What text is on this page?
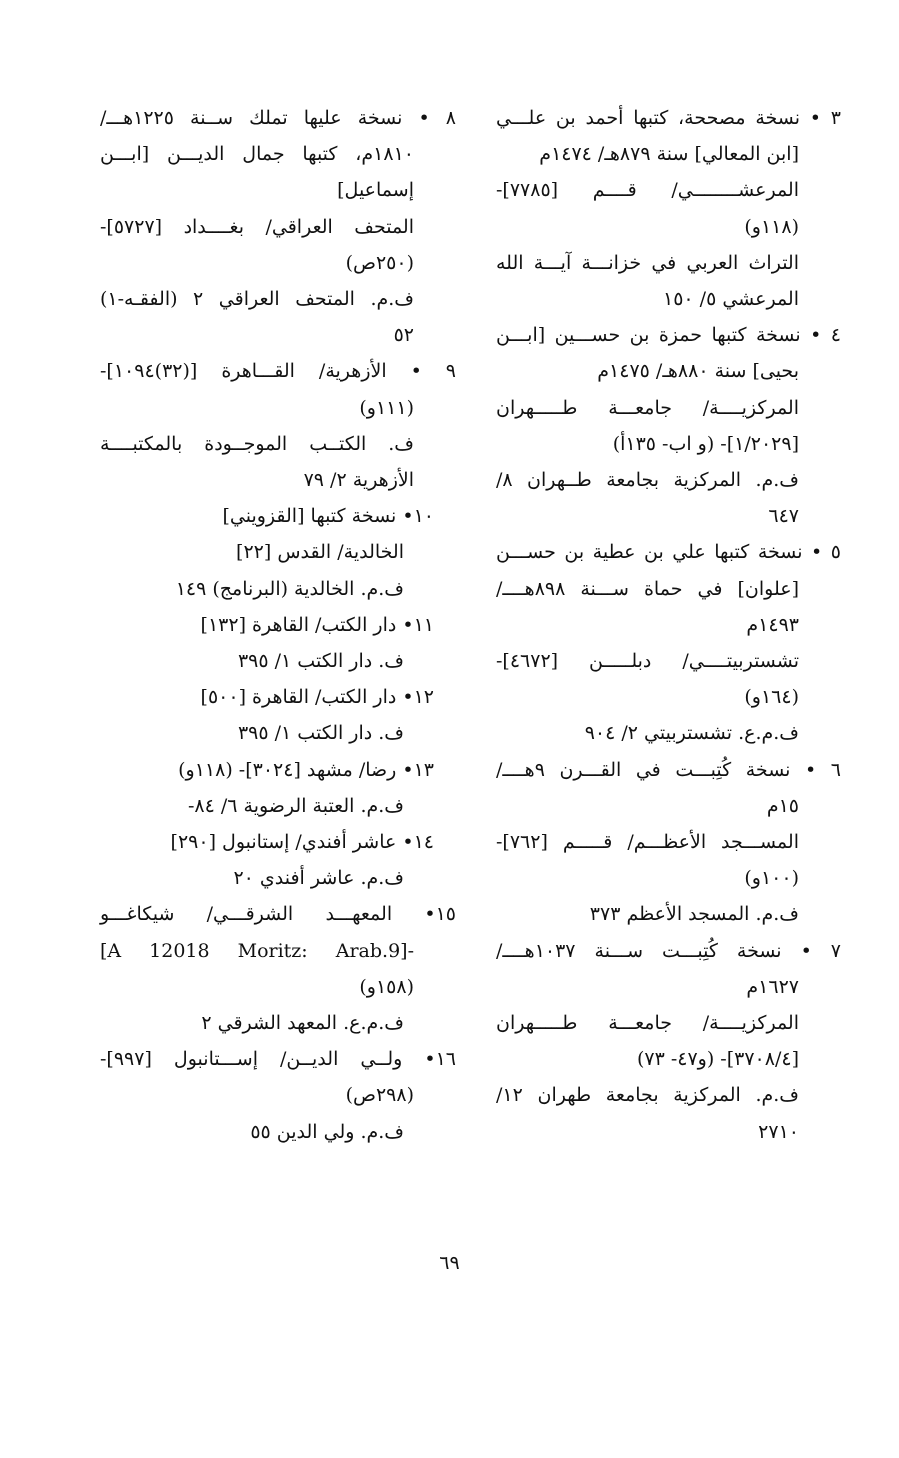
٣ • نسخة مصححة، كتبها أحمد بن علـــي
[ابن المعالي] سنة ٨٧٩هـ/ ١٤٧٤م
المرعشــــــــي/ قــــم [٧٧٨٥]-
(١١٨و)
التراث العربي في خزانـــة آيـــة الله
المرعشي ٥/ ١٥٠
٤ • نسخة كتبها حمزة بن حســـين [ابـــن
بحيى] سنة ٨٨٠هـ/ ١٤٧٥م
المركزيــــة/ جامعـــة طـــــهران
[١/٢٠٢٩]- (و اب- ١٣٥أ)
ف.م. المركزية بجامعة طــهران ٨/
٦٤٧
٥ • نسخة كتبها علي بن عطية بن حســـن
[علوان] في حماة ســـنة ٨٩٨هــــ/
١٤٩٣م
تشستربيتــــي/ دبلـــــن [٤٦٧٢]-
(١٦٤و)
ف.م.ع. تشستربيتي ٢/ ٩٠٤
٦ • نسخة كُتِبـــت في القـــرن ٩هــــ/
١٥م
المســـجد الأعظـــم/ قـــــم [٧٦٢]-
(١٠٠و)
ف.م. المسجد الأعظم ٣٧٣
٧ • نسخة كُتِبـــت ســـنة ١٠٣٧هــــ/
١٦٢٧م
المركزيــــة/ جامعـــة طـــــهران
[٣٧٠٨/٤]- (و٤٧- ٧٣)
ف.م. المركزية بجامعة طهران ١٢/
٢٧١٠
٨ • نسخة عليها تملك ســنة ١٢٢٥هـــ/
١٨١٠م، كتبها جمال الديـــن [ابـــن
إسماعيل]
المتحف العراقي/ بغــــداد [٥٧٢٧]-
(٢٥٠ص)
ف.م. المتحف العراقي ٢ (الفقـه-١)
٥٢
٩ • الأزهرية/ القـــاهرة [(٣٢)١٠٩٤]-
(١١١و)
ف. الكتــب الموجــودة بالمكتبــــة
الأزهرية ٢/ ٧٩
١٠• نسخة كتبها [القزويني]
الخالدية/ القدس [٢٢]
ف.م. الخالدية (البرنامج) ١٤٩
١١• دار الكتب/ القاهرة [١٣٢]
ف. دار الكتب ١/ ٣٩٥
١٢• دار الكتب/ القاهرة [٥٠٠]
ف. دار الكتب ١/ ٣٩٥
١٣• رضا/ مشهد [٣٠٢٤]- (١١٨و)
ف.م. العتبة الرضوية ٦/ ٨٤-
١٤• عاشر أفندي/ إستانبول [٢٩٠]
ف.م. عاشر أفندي ٢٠
١٥• المعهـــد الشرقـــي/ شيكاغـــو
[A 12018 Moritz: Arab.9]-
(١٥٨و)
ف.م.ع. المعهد الشرقي ٢
١٦• ولــي الديــن/ إســـتانبول [٩٩٧]-
(٢٩٨ص)
ف.م. ولي الدين ٥٥
٦٩
